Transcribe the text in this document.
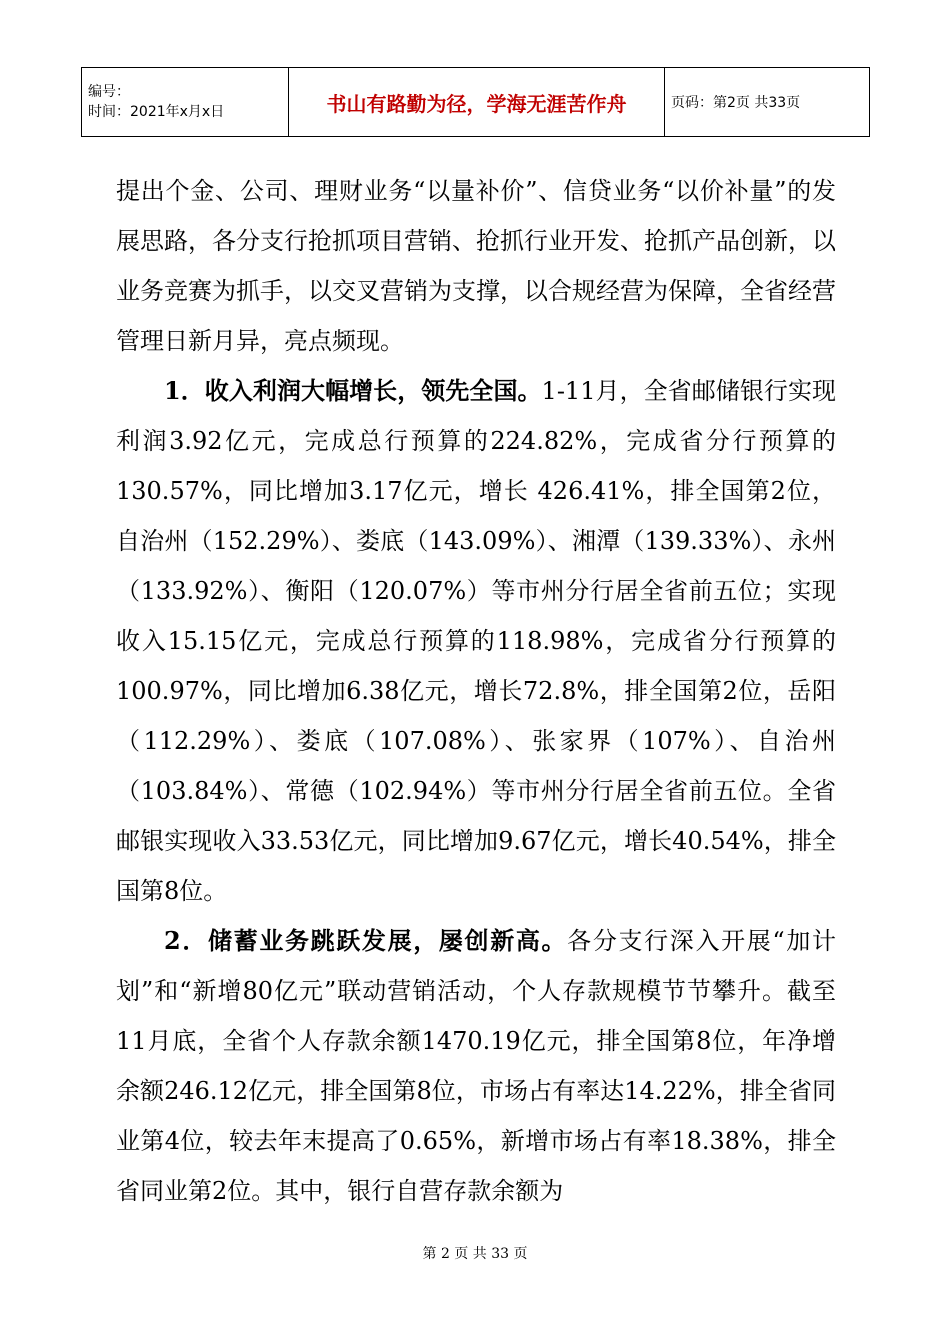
编号：
时间：2021年x月x日	书山有路勤为径，学海无涯苦作舟	页码：第2页 共33页

提出个金、公司、理财业务“以量补价”、信贷业务“以价补量”的发展思路，各分支行抢抓项目营销、抢抓行业开发、抢抓产品创新，以业务竞赛为抓手，以交叉营销为支撑，以合规经营为保障，全省经营管理日新月异，亮点频现。

1．收入利润大幅增长，领先全国。1-11月，全省邮储银行实现利润3.92亿元，完成总行预算的224.82%，完成省分行预算的 130.57%，同比增加3.17亿元，增长 426.41%，排全国第2位，自治州（152.29%）、娄底（143.09%）、湘潭（139.33%）、永州（133.92%）、衡阳（120.07%）等市州分行居全省前五位；实现收入15.15亿元，完成总行预算的118.98%，完成省分行预算的100.97%，同比增加6.38亿元，增长72.8%，排全国第2位，岳阳（112.29%）、娄底（107.08%）、张家界（107%）、自治州（103.84%）、常德（102.94%）等市州分行居全省前五位。全省邮银实现收入33.53亿元，同比增加9.67亿元，增长40.54%，排全国第8位。

2．储蓄业务跳跃发展，屡创新高。各分支行深入开展“加计划”和“新增80亿元”联动营销活动，个人存款规模节节攀升。截至11月底，全省个人存款余额1470.19亿元，排全国第8位，年净增余额246.12亿元，排全国第8位，市场占有率达14.22%，排全省同业第4位，较去年末提高了0.65%，新增市场占有率18.38%，排全省同业第2位。其中，银行自营存款余额为

第 2 页 共 33 页
